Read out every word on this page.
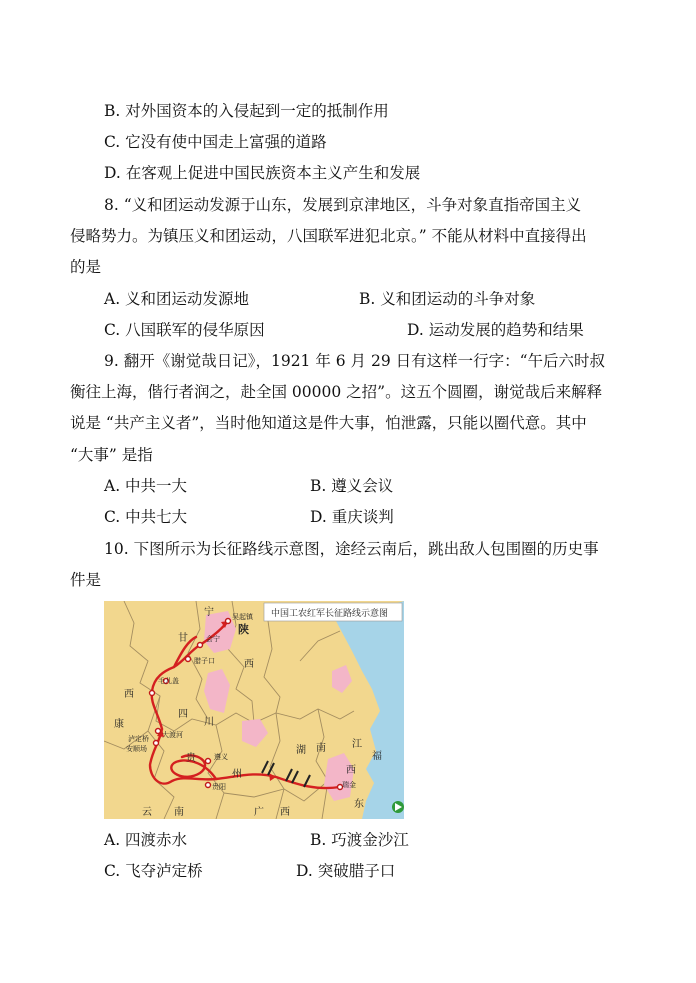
B. 对外国资本的入侵起到一定的抵制作用
C. 它没有使中国走上富强的道路
D. 在客观上促进中国民族资本主义产生和发展
8. “义和团运动发源于山东，发展到京津地区，斗争对象直指帝国主义
侵略势力。为镇压义和团运动，八国联军进犯北京。” 不能从材料中直接得出
的是
A. 义和团运动发源地	B. 义和团运动的斗争对象
C. 八国联军的侵华原因	D. 运动发展的趋势和结果
9. 翻开《谢觉哉日记》，1921 年 6 月 29 日有这样一行字：“午后六时叔
衡往上海，偕行者润之，赴全国 00000 之招”。这五个圆圈，谢觉哉后来解释
说是 “共产主义者”，当时他知道这是件大事，怕泄露，只能以圈代意。其中
“大事” 是指
A. 中共一大	B. 遵义会议
C. 中共七大	D. 重庆谈判
10. 下图所示为长征路线示意图，途经云南后，跳出敌人包围圈的历史事
件是
宁	吴起镇
陕
会宁
腊子口
甘
西
毛儿盖
西
康
四
川
泸定桥 大渡河
安顺场
贵
州
遵义
贵阳
湖 南	江
西
瑞金
福
云 南	广 西
东
中国工农红军长征路线示意图
A. 四渡赤水	B. 巧渡金沙江
C. 飞夺泸定桥	D. 突破腊子口
